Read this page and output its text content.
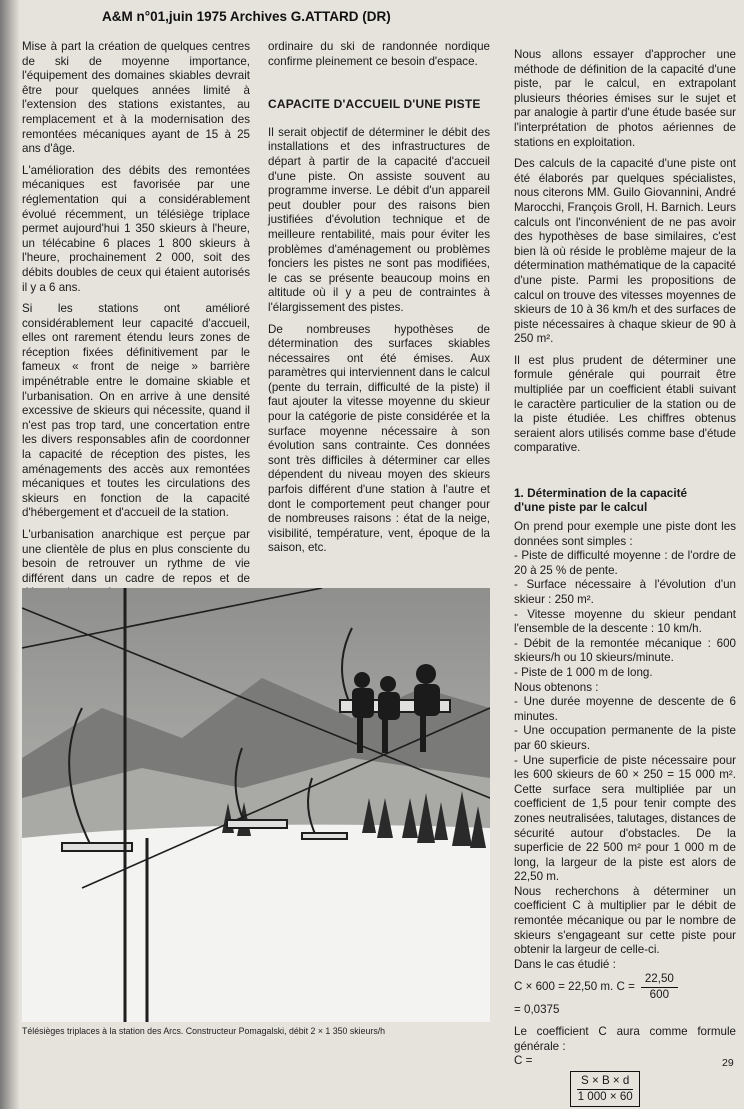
A&M n°01,juin 1975 Archives G.ATTARD (DR)

Mise à part la création de quelques centres de ski de moyenne importance, l'équipement des domaines skiables devrait être pour quelques années limité à l'extension des stations existantes, au remplacement et à la modernisation des remontées mécaniques ayant de 15 à 25 ans d'âge.

L'amélioration des débits des remontées mécaniques est favorisée par une réglementation qui a considérablement évolué récemment, un télésiège triplace permet aujourd'hui 1 350 skieurs à l'heure, un télécabine 6 places 1 800 skieurs à l'heure, prochainement 2 000, soit des débits doubles de ceux qui étaient autorisés il y a 6 ans.

Si les stations ont amélioré considérablement leur capacité d'accueil, elles ont rarement étendu leurs zones de réception fixées définitivement par le fameux « front de neige » barrière impénétrable entre le domaine skiable et l'urbanisation. On en arrive à une densité excessive de skieurs qui nécessite, quand il n'est pas trop tard, une concertation entre les divers responsables afin de coordonner la capacité de réception des pistes, les aménagements des accès aux remontées mécaniques et toutes les circulations des skieurs en fonction de la capacité d'hébergement et d'accueil de la station.

L'urbanisation anarchique est perçue par une clientèle de plus en plus consciente du besoin de retrouver un rythme de vie différent dans un cadre de repos et de

ordinaire du ski de randonnée nordique confirme pleinement ce besoin d'espace.

CAPACITE D'ACCUEIL D'UNE PISTE

Il serait objectif de déterminer le débit des installations et des infrastructures de départ à partir de la capacité d'accueil d'une piste. On assiste souvent au programme inverse. Le débit d'un appareil peut doubler pour des raisons bien justifiées d'évolution technique et de meilleure rentabilité, mais pour éviter les problèmes d'aménagement ou problèmes fonciers les pistes ne sont pas modifiées, le cas se présente beaucoup moins en altitude où il y a peu de contraintes à l'élargissement des pistes.

De nombreuses hypothèses de détermination des surfaces skiables nécessaires ont été émises. Aux paramètres qui interviennent dans le calcul (pente du terrain, difficulté de la piste) il faut ajouter la vitesse moyenne du skieur pour la catégorie de piste considérée et la surface moyenne nécessaire à son évolution sans contrainte. Ces données sont très difficiles à déterminer car elles dépendent du niveau moyen des skieurs parfois différent d'une station à l'autre et dont le comportement peut changer pour de nombreuses raisons : état de la neige, visibilité, température, vent, époque de la saison, etc.

Nous allons essayer d'approcher une méthode de définition de la capacité d'une piste, par le calcul, en extrapolant plusieurs théories émises sur le sujet et par analogie à partir d'une étude basée sur l'interprétation de photos aériennes de stations en exploitation.

Des calculs de la capacité d'une piste ont été élaborés par quelques spécialistes, nous citerons MM. Guilo Giovannini, André Marocchi, François Groll, H. Barnich. Leurs calculs ont l'inconvénient de ne pas avoir des hypothèses de base similaires, c'est bien là où réside le problème majeur de la détermination mathématique de la capacité d'une piste. Parmi les propositions de calcul on trouve des vitesses moyennes de skieurs de 10 à 36 km/h et des surfaces de piste nécessaires à chaque skieur de 90 à 250 m².

Il est plus prudent de déterminer une formule générale qui pourrait être multipliée par un coefficient établi suivant le caractère particulier de la station ou de la piste étudiée. Les chiffres obtenus seraient alors utilisés comme base d'étude comparative.

1. Détermination de la capacité
d'une piste par le calcul

On prend pour exemple une piste dont les données sont simples :

- Piste de difficulté moyenne : de l'ordre de 20 à 25 % de pente.
- Surface nécessaire à l'évolution d'un skieur : 250 m².
- Vitesse moyenne du skieur pendant l'ensemble de la descente : 10 km/h.
- Débit de la remontée mécanique : 600 skieurs/h ou 10 skieurs/minute.
- Piste de 1 000 m de long.
Nous obtenons :
- Une durée moyenne de descente de 6 minutes.
- Une occupation permanente de la piste par 60 skieurs.
- Une superficie de piste nécessaire pour les 600 skieurs de 60 × 250 = 15 000 m². Cette surface sera multipliée par un coefficient de 1,5 pour tenir compte des zones neutralisées, talutages, distances de sécurité autour d'obstacles. De la superficie de 22 500 m² pour 1 000 m de long, la largeur de la piste est alors de 22,50 m.
Nous recherchons à déterminer un coefficient C à multiplier par le débit de remontée mécanique ou par le nombre de skieurs s'engageant sur cette piste pour obtenir la largeur de celle-ci.
Dans le cas étudié :
C × 600 = 22,50 m. $C = \frac{22,50}{600}$
= 0,0375
Le coefficient C aura comme formule générale :
C =
$\frac{S \times B \times d}{1 000 \times 60}$
Télésièges triplaces à la station des Arcs. Constructeur Pomagalski, débit 2 × 1 350 skieurs/h
29
